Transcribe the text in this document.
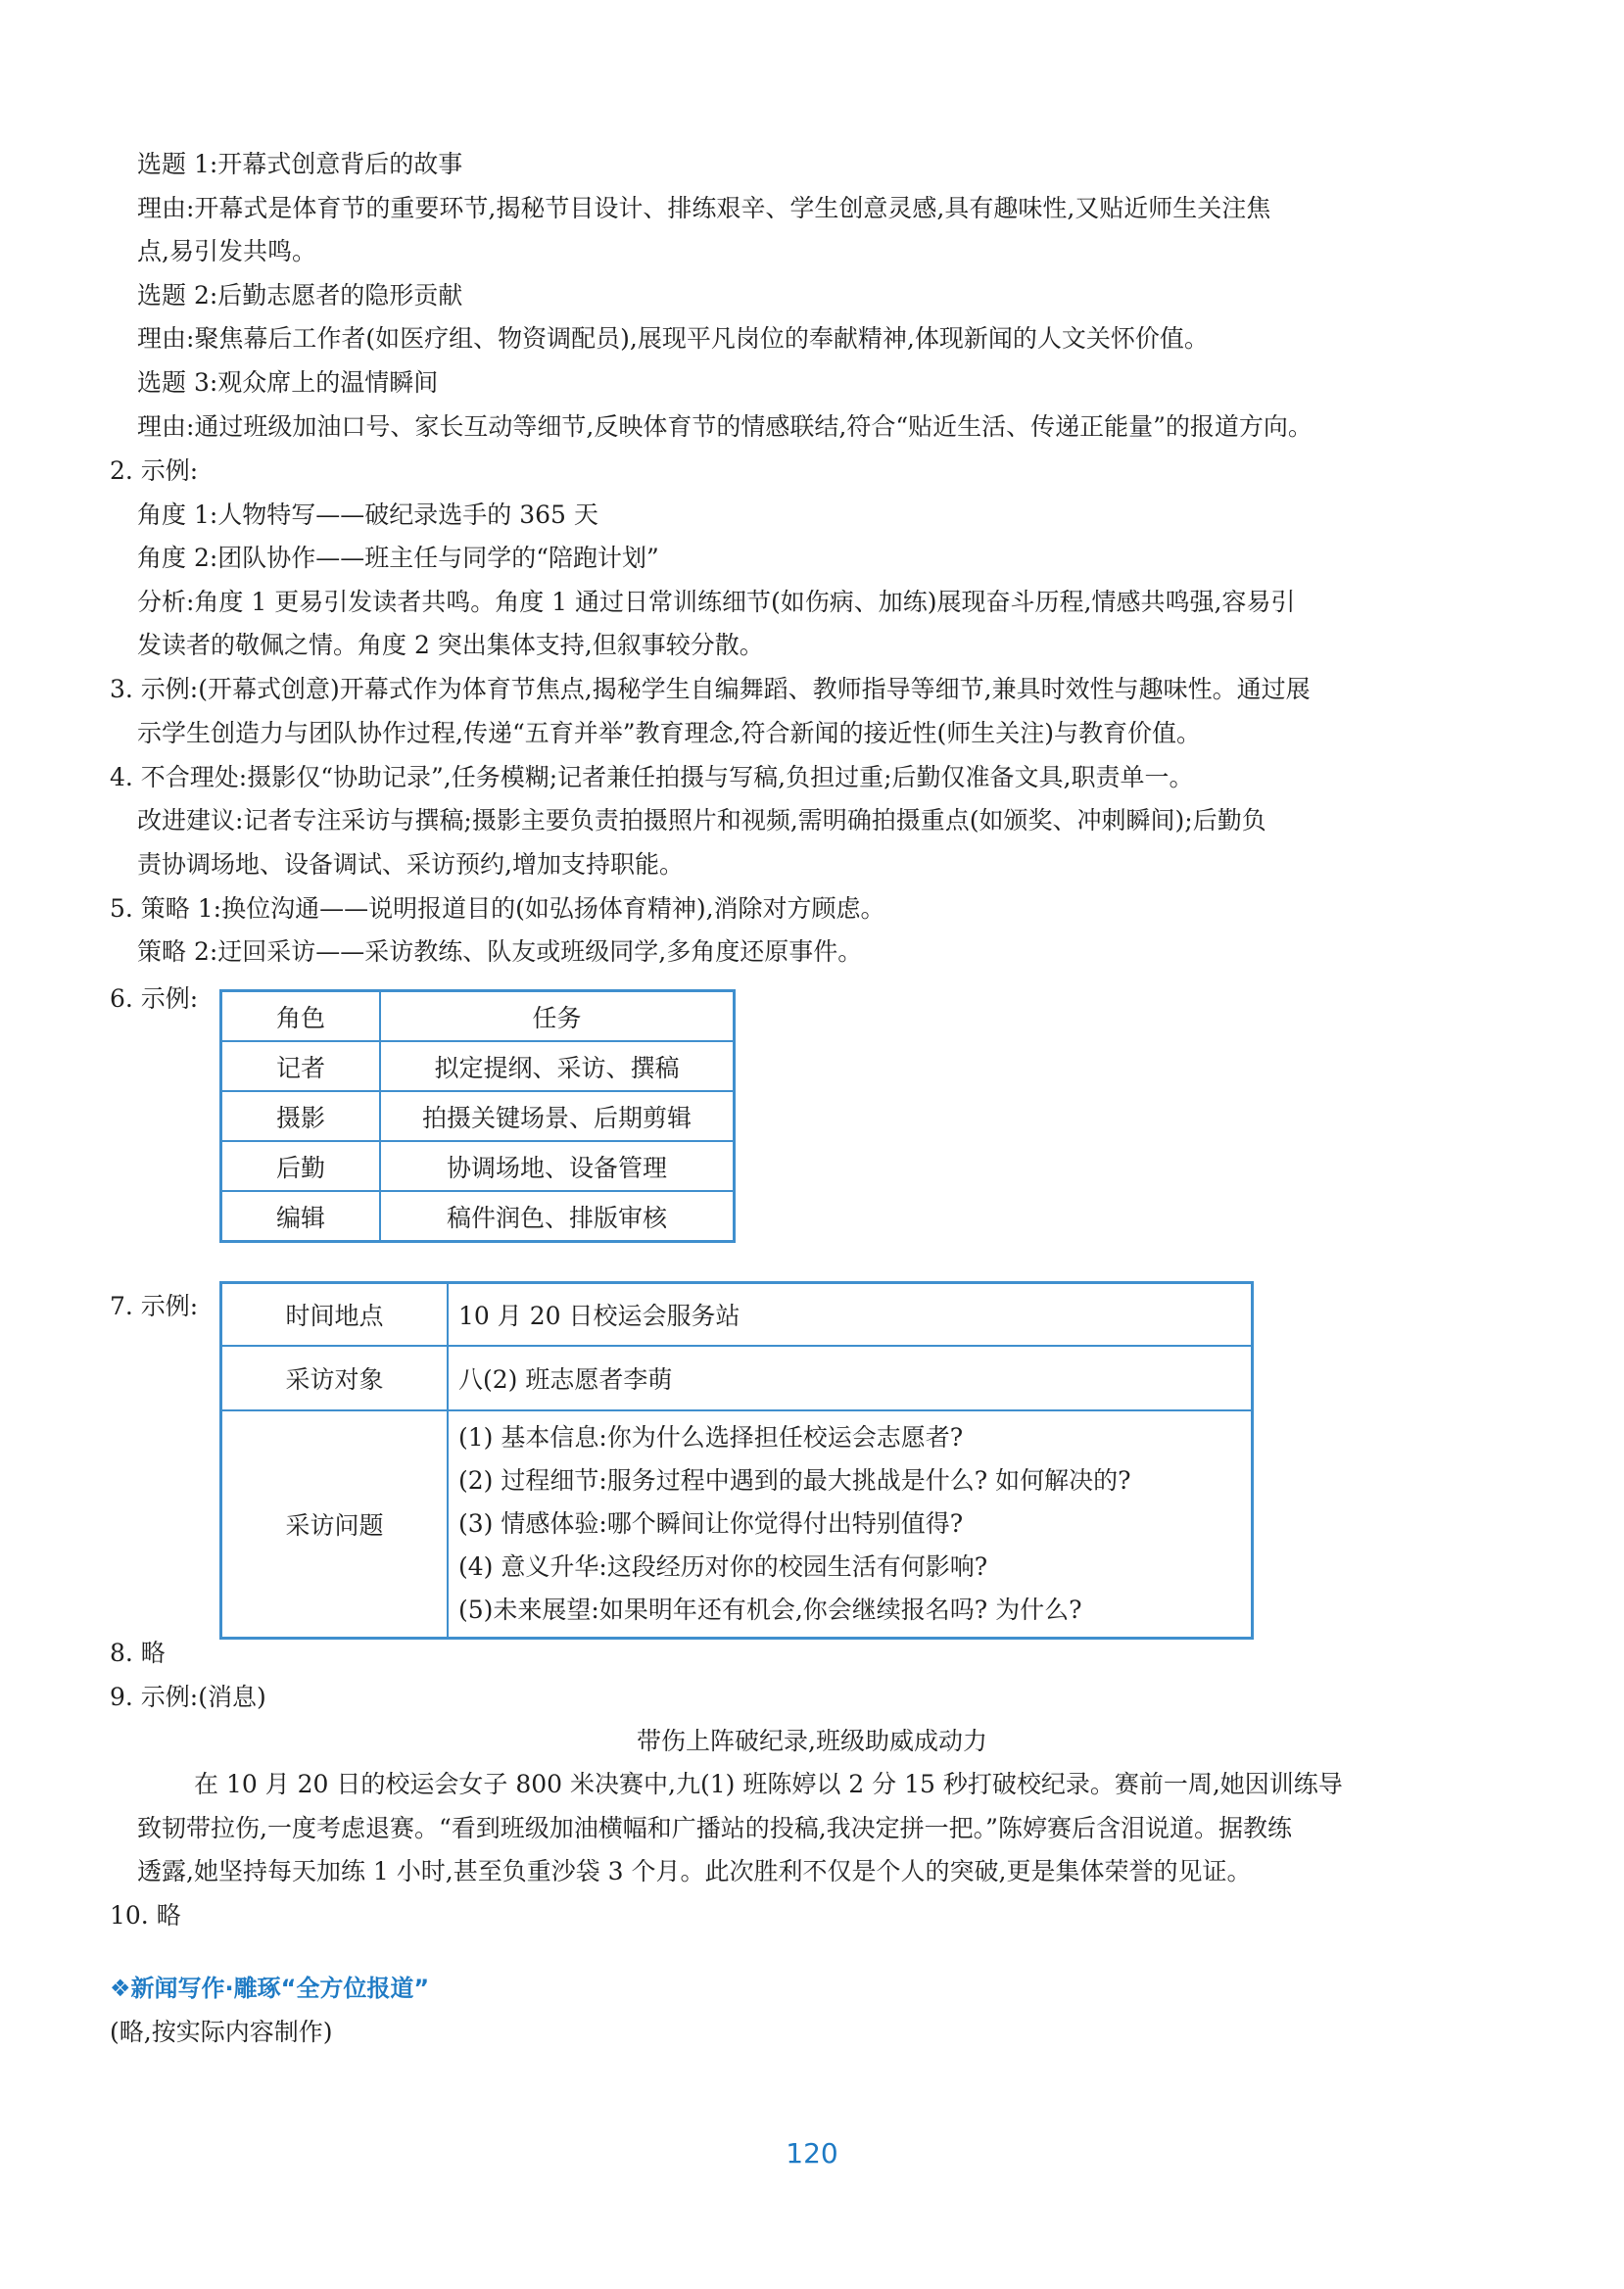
选题 1:开幕式创意背后的故事
理由:开幕式是体育节的重要环节,揭秘节目设计、排练艰辛、学生创意灵感,具有趣味性,又贴近师生关注焦
点,易引发共鸣。
选题 2:后勤志愿者的隐形贡献
理由:聚焦幕后工作者(如医疗组、物资调配员),展现平凡岗位的奉献精神,体现新闻的人文关怀价值。
选题 3:观众席上的温情瞬间
理由:通过班级加油口号、家长互动等细节,反映体育节的情感联结,符合“贴近生活、传递正能量”的报道方向。
2. 示例:
角度 1:人物特写——破纪录选手的 365 天
角度 2:团队协作——班主任与同学的“陪跑计划”
分析:角度 1 更易引发读者共鸣。角度 1 通过日常训练细节(如伤病、加练)展现奋斗历程,情感共鸣强,容易引
发读者的敬佩之情。角度 2 突出集体支持,但叙事较分散。
3. 示例:(开幕式创意)开幕式作为体育节焦点,揭秘学生自编舞蹈、教师指导等细节,兼具时效性与趣味性。通过展
示学生创造力与团队协作过程,传递“五育并举”教育理念,符合新闻的接近性(师生关注)与教育价值。
4. 不合理处:摄影仅“协助记录”,任务模糊;记者兼任拍摄与写稿,负担过重;后勤仅准备文具,职责单一。
改进建议:记者专注采访与撰稿;摄影主要负责拍摄照片和视频,需明确拍摄重点(如颁奖、冲刺瞬间);后勤负
责协调场地、设备调试、采访预约,增加支持职能。
5. 策略 1:换位沟通——说明报道目的(如弘扬体育精神),消除对方顾虑。
策略 2:迂回采访——采访教练、队友或班级同学,多角度还原事件。
6. 示例:
角色	任务
记者	拟定提纲、采访、撰稿
摄影	拍摄关键场景、后期剪辑
后勤	协调场地、设备管理
编辑	稿件润色、排版审核
7. 示例:	时间地点	10 月 20 日校运会服务站
采访对象	八(2) 班志愿者李萌
采访问题	(1) 基本信息:你为什么选择担任校运会志愿者?
(2) 过程细节:服务过程中遇到的最大挑战是什么? 如何解决的?
(3) 情感体验:哪个瞬间让你觉得付出特别值得?
(4) 意义升华:这段经历对你的校园生活有何影响?
(5)未来展望:如果明年还有机会,你会继续报名吗? 为什么?
8. 略
9. 示例:(消息)
带伤上阵破纪录,班级助威成动力
在 10 月 20 日的校运会女子 800 米决赛中,九(1) 班陈婷以 2 分 15 秒打破校纪录。赛前一周,她因训练导
致韧带拉伤,一度考虑退赛。“看到班级加油横幅和广播站的投稿,我决定拼一把。”陈婷赛后含泪说道。据教练
透露,她坚持每天加练 1 小时,甚至负重沙袋 3 个月。此次胜利不仅是个人的突破,更是集体荣誉的见证。
10. 略
❖新闻写作·雕琢“全方位报道”
(略,按实际内容制作)
120
